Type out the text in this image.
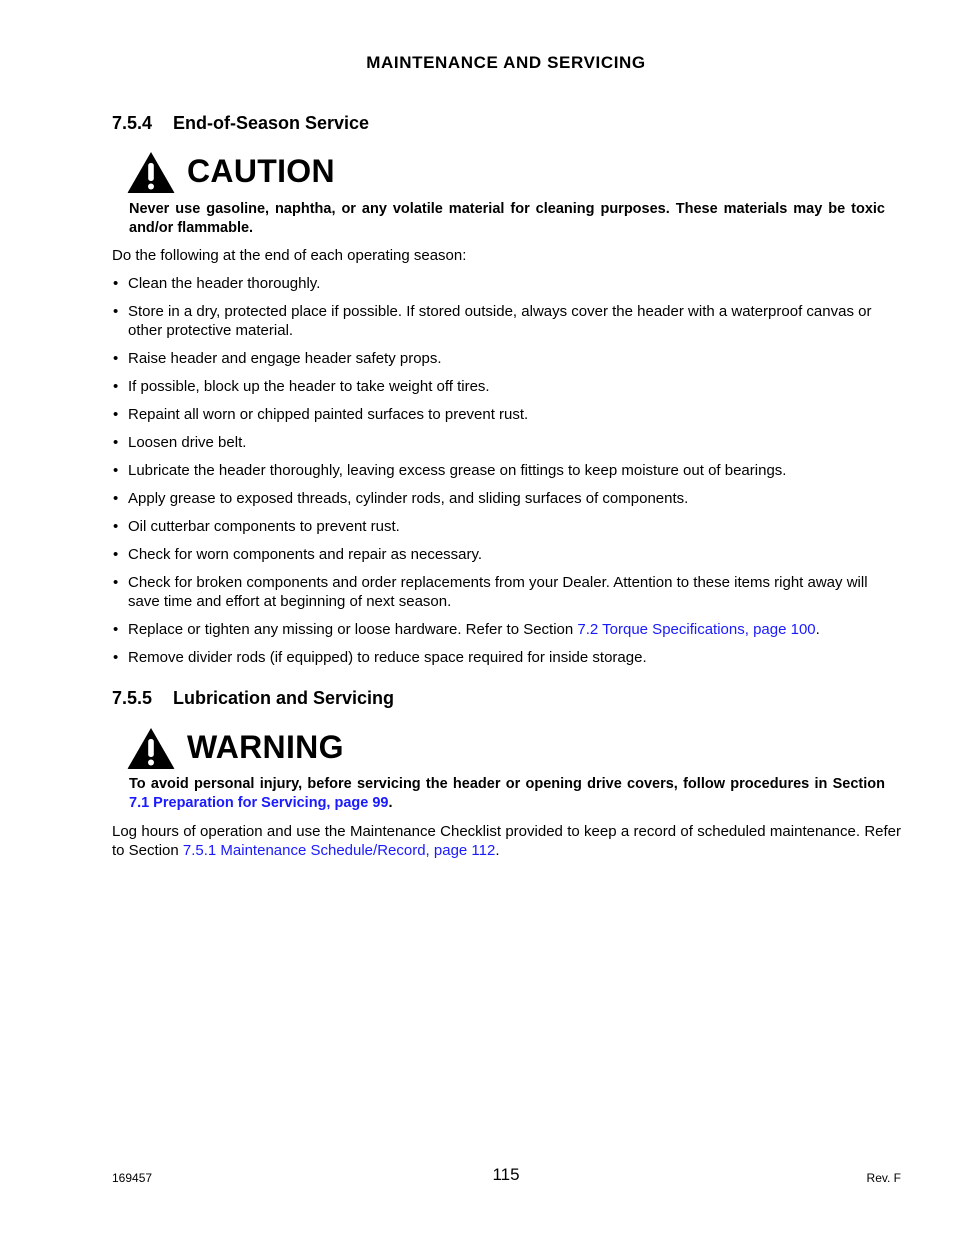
MAINTENANCE AND SERVICING
7.5.4 End-of-Season Service
CAUTION
Never use gasoline, naphtha, or any volatile material for cleaning purposes. These materials may be toxic and/or flammable.
Do the following at the end of each operating season:
• Clean the header thoroughly.
• Store in a dry, protected place if possible. If stored outside, always cover the header with a waterproof canvas or other protective material.
• Raise header and engage header safety props.
• If possible, block up the header to take weight off tires.
• Repaint all worn or chipped painted surfaces to prevent rust.
• Loosen drive belt.
• Lubricate the header thoroughly, leaving excess grease on fittings to keep moisture out of bearings.
• Apply grease to exposed threads, cylinder rods, and sliding surfaces of components.
• Oil cutterbar components to prevent rust.
• Check for worn components and repair as necessary.
• Check for broken components and order replacements from your Dealer. Attention to these items right away will save time and effort at beginning of next season.
• Replace or tighten any missing or loose hardware. Refer to Section 7.2 Torque Specifications, page 100.
• Remove divider rods (if equipped) to reduce space required for inside storage.
7.5.5 Lubrication and Servicing
WARNING
To avoid personal injury, before servicing the header or opening drive covers, follow procedures in Section 7.1 Preparation for Servicing, page 99.
Log hours of operation and use the Maintenance Checklist provided to keep a record of scheduled maintenance. Refer to Section 7.5.1 Maintenance Schedule/Record, page 112.
169457	115	Rev. F
